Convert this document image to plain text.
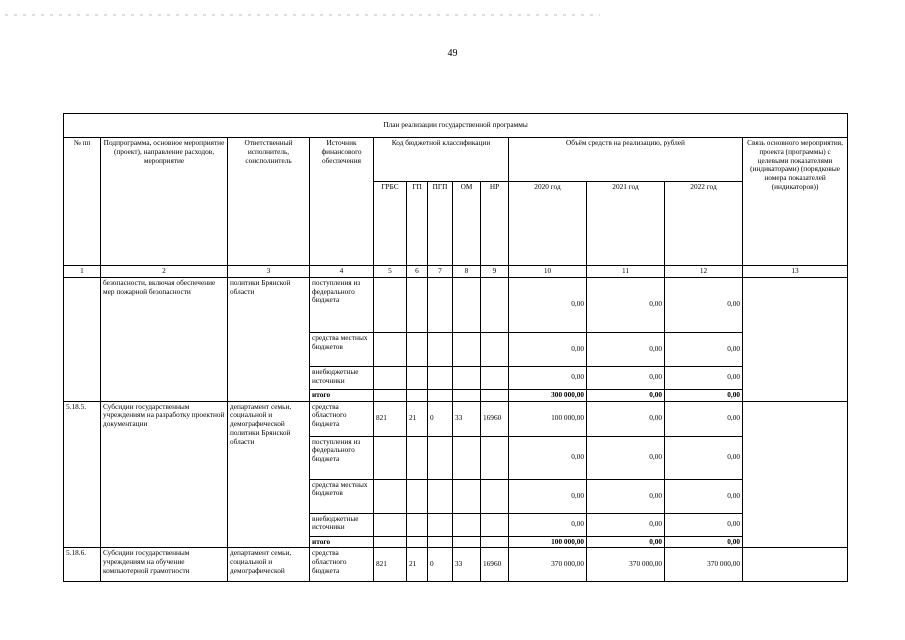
49
План реализации государственной программы												
№ пп	Подпрограмма, основное мероприятие (проект), направление расходов, мероприятие	Ответственный исполнитель, соисполнитель	Источник финансового обеспечения	Код бюджетной классификации					Объём средств на реализацию, рублей			Связь основного мероприятия, проекта (программы) с целевыми показателями (индикаторами) (порядковые номера показателей (индикаторов))
				ГРБС	ГП	ПГП	ОМ	НР	2020 год	2021 год	2022 год	
1	2	3	4	5	6	7	8	9	10	11	12	13
	безопасности, включая обеспечение мер пожарной безопасности	политики Брянской области	поступления из федерального бюджета						0,00	0,00	0,00	
			средства местных бюджетов						0,00	0,00	0,00	
			внебюджетные источники						0,00	0,00	0,00	
			итого						300 000,00	0,00	0,00	
5.18.5.	Субсидии государственным учреждениям на разработку проектной документации	департамент семьи, социальной и демографической политики Брянской области	средства областного бюджета	821	21	0	33	16960	100 000,00	0,00	0,00	
			поступления из федерального бюджета						0,00	0,00	0,00	
			средства местных бюджетов						0,00	0,00	0,00	
			внебюджетные источники						0,00	0,00	0,00	
			итого						100 000,00	0,00	0,00	
5.18.6.	Субсидии государственным учреждениям на обучение компьютерной грамотности	департамент семьи, социальной и демографической	средства областного бюджета	821	21	0	33	16960	370 000,00	370 000,00	370 000,00	
